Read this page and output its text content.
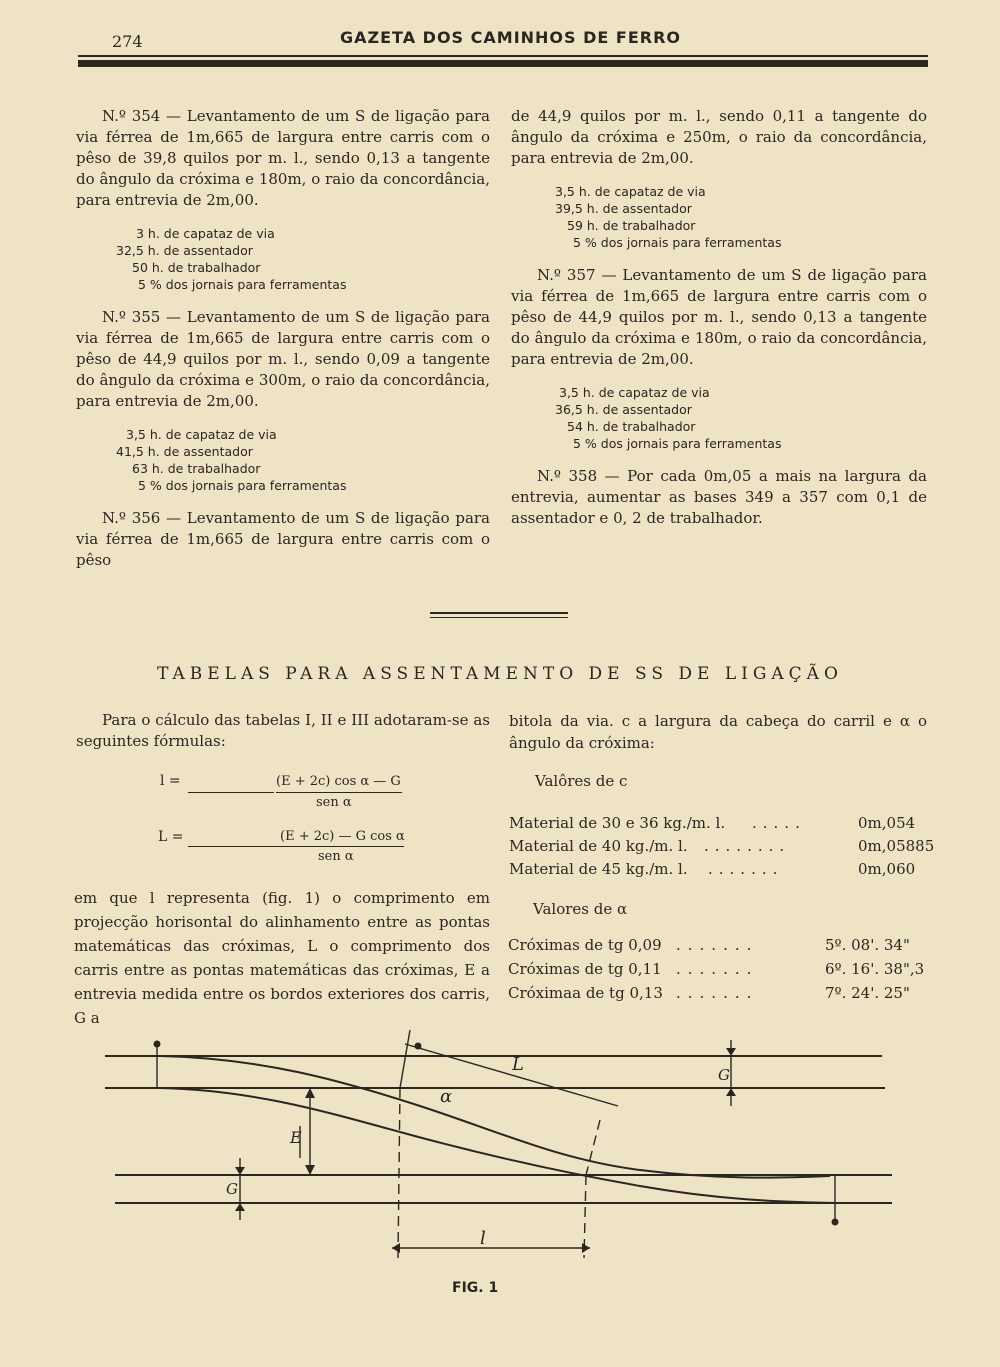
274	GAZETA DOS CAMINHOS DE FERRO

N.º 354 — Levantamento de um S de ligação para via férrea de 1m,665 de largura entre carris com o pêso de 39,8 quilos por m. l., sendo 0,13 a tangente do ângulo da cróxima e 180m, o raio da concordância, para entrevia de 2m,00.

3 h. de capataz de via
32,5 h. de assentador
50 h. de trabalhador
5 % dos jornais para ferramentas

N.º 355 — Levantamento de um S de ligação para via férrea de 1m,665 de largura entre carris com o pêso de 44,9 quilos por m. l., sendo 0,09 a tangente do ângulo da cróxima e 300m, o raio da concordância, para entrevia de 2m,00.

3,5 h. de capataz de via
41,5 h. de assentador
63 h. de trabalhador
5 % dos jornais para ferramentas

N.º 356 — Levantamento de um S de ligação para via férrea de 1m,665 de largura entre carris com o pêso

de 44,9 quilos por m. l., sendo 0,11 a tangente do ângulo da cróxima e 250m, o raio da concordância, para entrevia de 2m,00.

3,5 h. de capataz de via
39,5 h. de assentador
59 h. de trabalhador
5 % dos jornais para ferramentas

N.º 357 — Levantamento de um S de ligação para via férrea de 1m,665 de largura entre carris com o pêso de 44,9 quilos por m. l., sendo 0,13 a tangente do ângulo da cróxima e 180m, o raio da concordância, para entrevia de 2m,00.

3,5 h. de capataz de via
36,5 h. de assentador
54 h. de trabalhador
5 % dos jornais para ferramentas

N.º 358 — Por cada 0m,05 a mais na largura da entrevia, aumentar as bases 349 a 357 com 0,1 de assentador e 0, 2 de trabalhador.

TABELAS PARA ASSENTAMENTO DE SS DE LIGAÇÃO

Para o cálculo das tabelas I, II e III adotaram-se as seguintes fórmulas:

l =	(E + 2c) cos α — G
sen α
L =	(E + 2c) — G cos α
sen α

em que l representa (fig. 1) o comprimento em projecção horisontal do alinhamento entre as pontas matemáticas das cróximas, L o comprimento dos carris entre as pontas matemáticas das cróximas, E a entrevia medida entre os bordos exteriores dos carris, G a

bitola da via. c a largura da cabeça do carril e α o ângulo da cróxima:

Valôres de c
Material de 30 e 36 kg./m. l. .....	0m,054
Material de 40 kg./m. l. ........	0m,05885
Material de 45 kg./m. l. .......	0m,060
Valores de α
Cróximas de tg 0,09 .......	5º. 08'. 34"
Cróximas de tg 0,11 .......	6º. 16'. 38",3
Cróximaa de tg 0,13 .......	7º. 24'. 25"
L
α
G
E
G
l
FIG. 1
